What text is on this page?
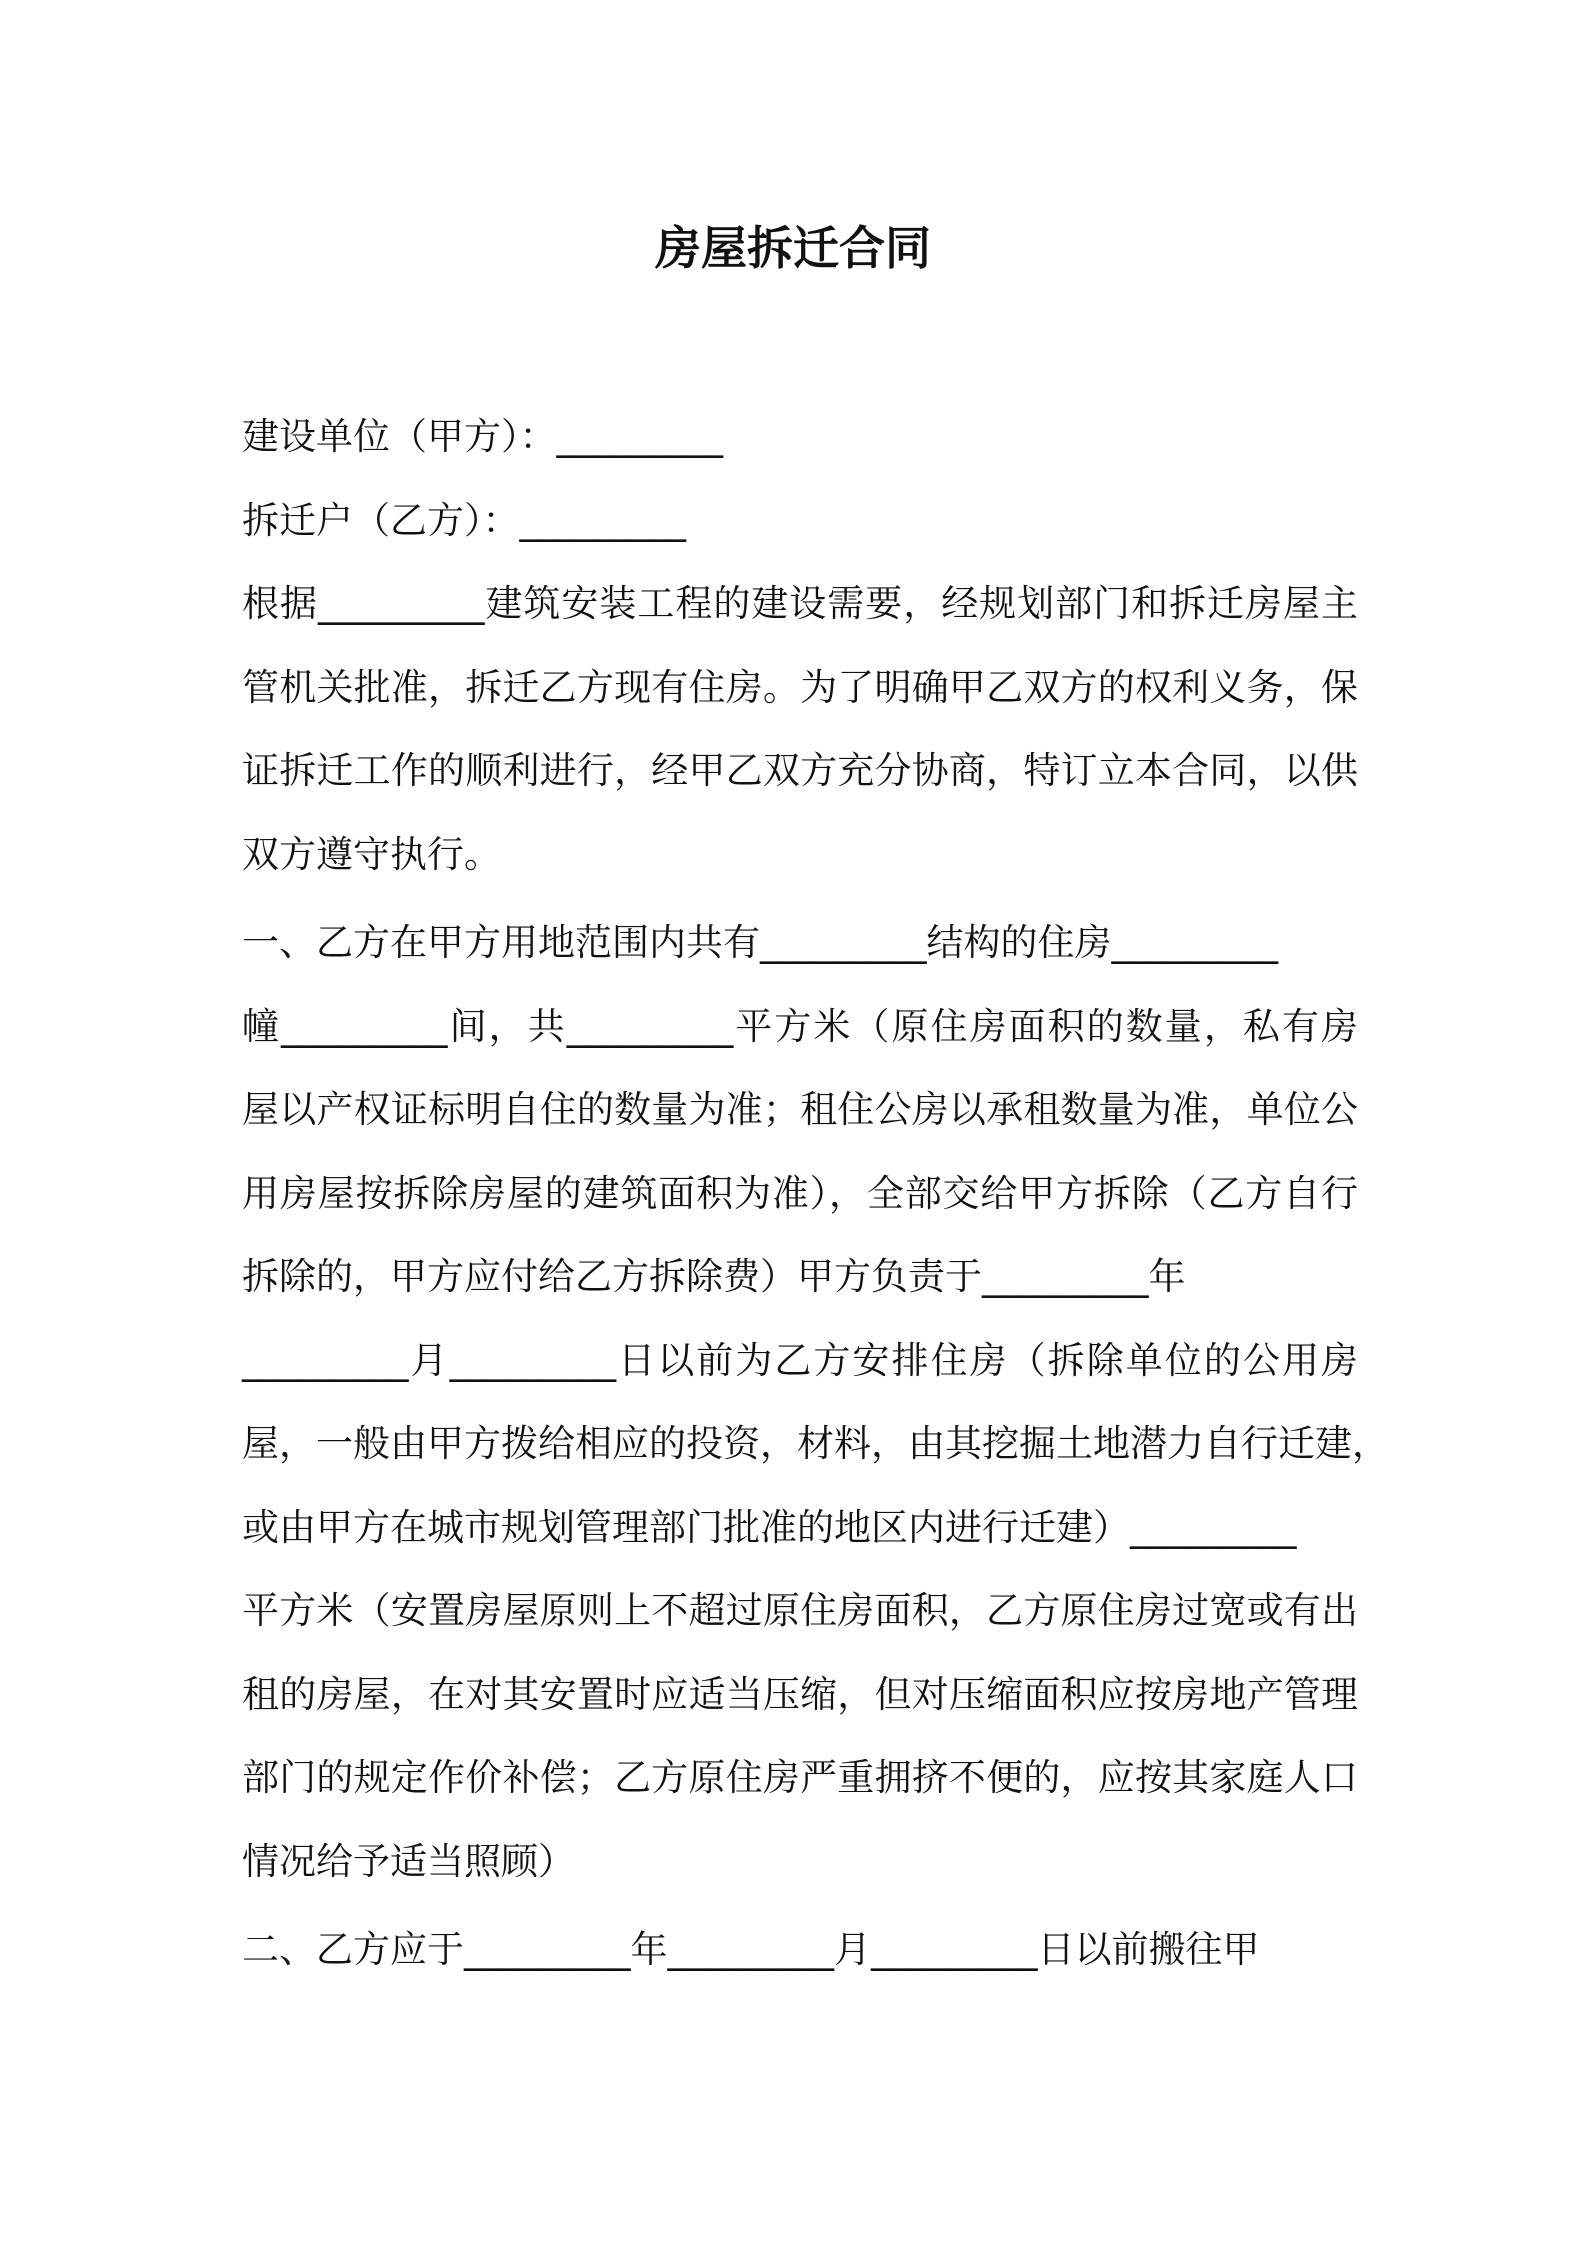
房屋拆迁合同
建设单位（甲方）：_________
拆迁户（乙方）：_________
根据_________建筑安装工程的建设需要，经规划部门和拆迁房屋主
管机关批准，拆迁乙方现有住房。为了明确甲乙双方的权利义务，保
证拆迁工作的顺利进行，经甲乙双方充分协商，特订立本合同，以供
双方遵守执行。
一、乙方在甲方用地范围内共有_________结构的住房_________
幢_________间，共_________平方米（原住房面积的数量，私有房
屋以产权证标明自住的数量为准；租住公房以承租数量为准，单位公
用房屋按拆除房屋的建筑面积为准），全部交给甲方拆除（乙方自行
拆除的，甲方应付给乙方拆除费）甲方负责于_________年
_________月_________日以前为乙方安排住房（拆除单位的公用房
屋，一般由甲方拨给相应的投资，材料，由其挖掘土地潜力自行迁建，
或由甲方在城市规划管理部门批准的地区内进行迁建）_________
平方米（安置房屋原则上不超过原住房面积，乙方原住房过宽或有出
租的房屋，在对其安置时应适当压缩，但对压缩面积应按房地产管理
部门的规定作价补偿；乙方原住房严重拥挤不便的，应按其家庭人口
情况给予适当照顾）
二、乙方应于_________年_________月_________日以前搬往甲
